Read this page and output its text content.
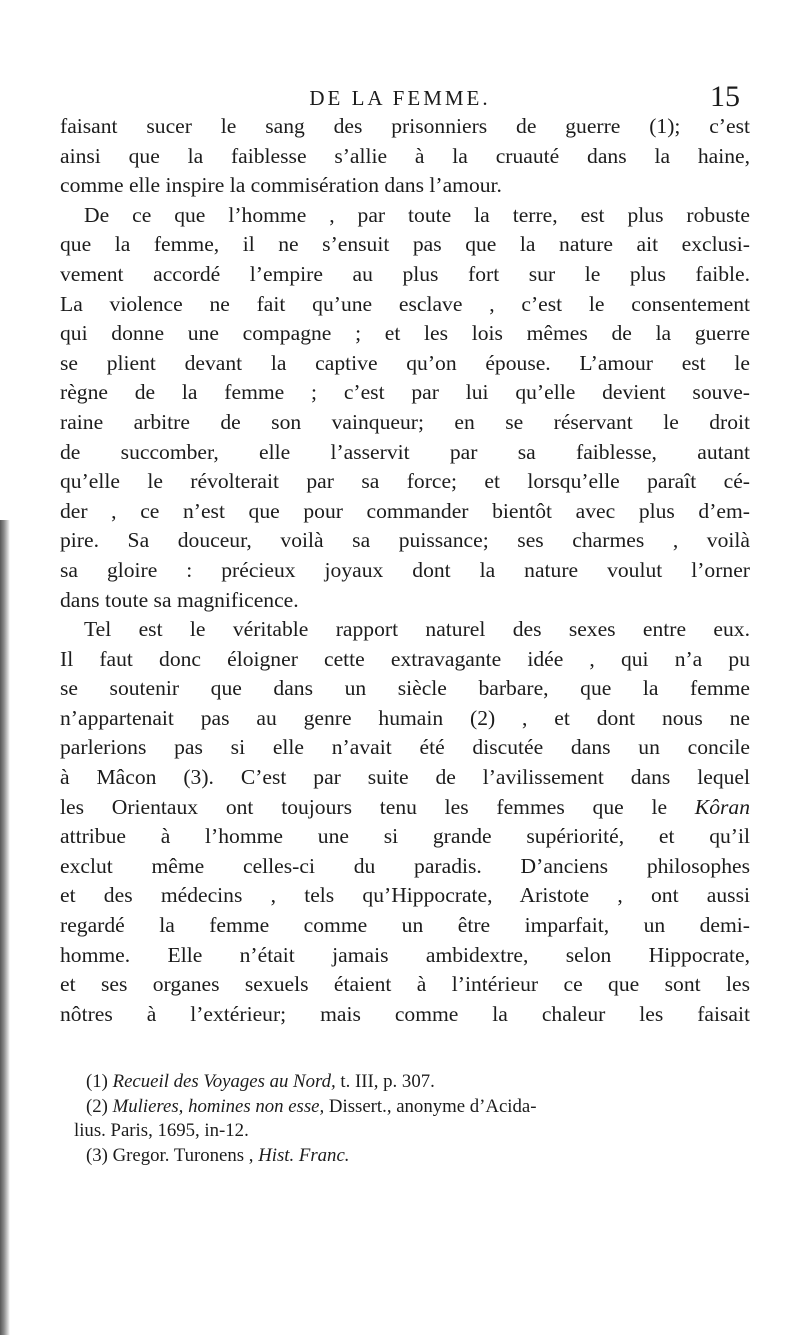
DE LA FEMME.	15
faisant sucer le sang des prisonniers de guerre (1); c’est
ainsi que la faiblesse s’allie à la cruauté dans la haine,
comme elle inspire la commisération dans l’amour.
De ce que l’homme , par toute la terre, est plus robuste
que la femme, il ne s’ensuit pas que la nature ait exclusi-
vement accordé l’empire au plus fort sur le plus faible.
La violence ne fait qu’une esclave , c’est le consentement
qui donne une compagne ; et les lois mêmes de la guerre
se plient devant la captive qu’on épouse. L’amour est le
règne de la femme ; c’est par lui qu’elle devient souve-
raine arbitre de son vainqueur; en se réservant le droit
de succomber, elle l’asservit par sa faiblesse, autant
qu’elle le révolterait par sa force; et lorsqu’elle paraît cé-
der , ce n’est que pour commander bientôt avec plus d’em-
pire. Sa douceur, voilà sa puissance; ses charmes , voilà
sa gloire : précieux joyaux dont la nature voulut l’orner
dans toute sa magnificence.
Tel est le véritable rapport naturel des sexes entre eux.
Il faut donc éloigner cette extravagante idée , qui n’a pu
se soutenir que dans un siècle barbare, que la femme
n’appartenait pas au genre humain (2) , et dont nous ne
parlerions pas si elle n’avait été discutée dans un concile
à Mâcon (3). C’est par suite de l’avilissement dans lequel
les Orientaux ont toujours tenu les femmes que le Kôran
attribue à l’homme une si grande supériorité, et qu’il
exclut même celles-ci du paradis. D’anciens philosophes
et des médecins , tels qu’Hippocrate, Aristote , ont aussi
regardé la femme comme un être imparfait, un demi-
homme. Elle n’était jamais ambidextre, selon Hippocrate,
et ses organes sexuels étaient à l’intérieur ce que sont les
nôtres à l’extérieur; mais comme la chaleur les faisait
(1) Recueil des Voyages au Nord, t. III, p. 307.
(2) Mulieres, homines non esse, Dissert., anonyme d’Acida-
lius. Paris, 1695, in-12.
(3) Gregor. Turonens , Hist. Franc.
